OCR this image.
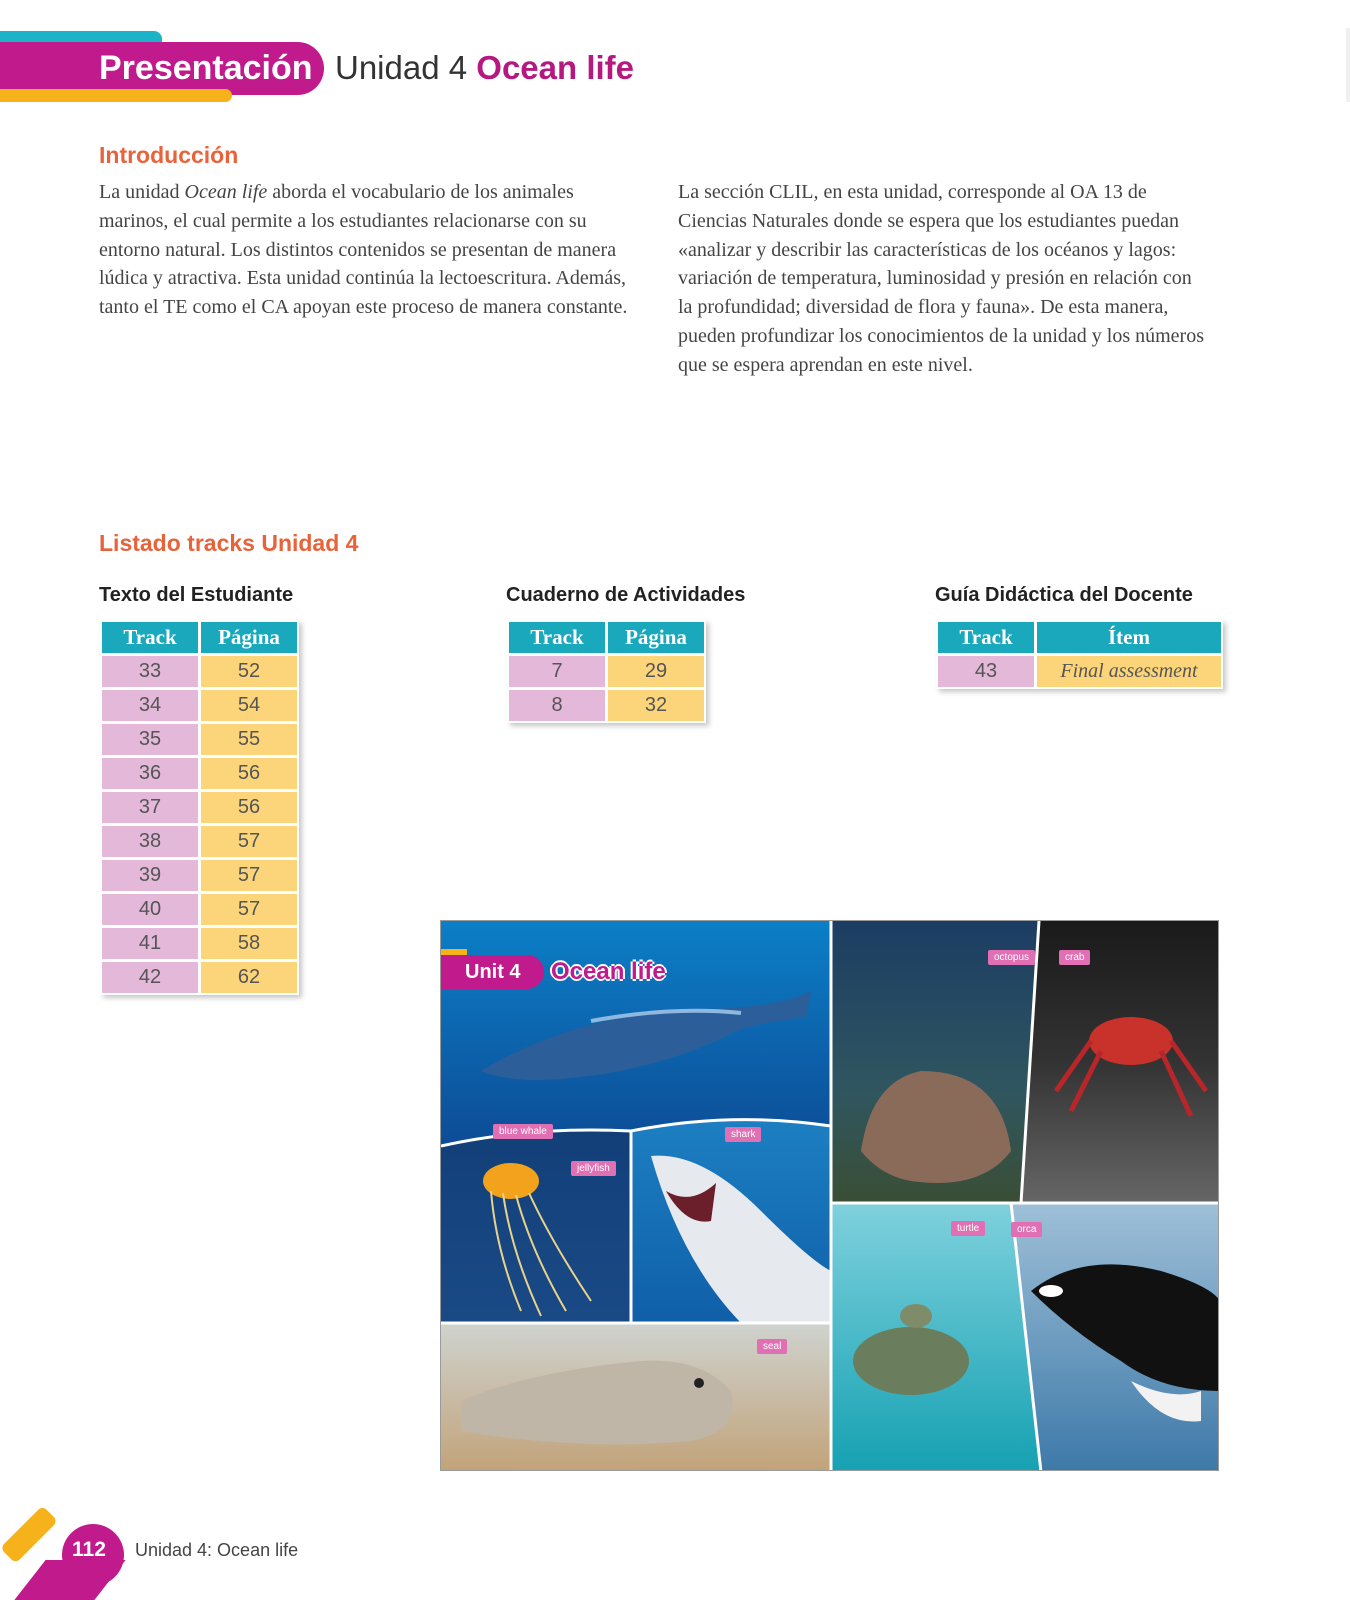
Presentación Unidad 4 Ocean life
Introducción
La unidad Ocean life aborda el vocabulario de los animales marinos, el cual permite a los estudiantes relacionarse con su entorno natural. Los distintos contenidos se presentan de manera lúdica y atractiva. Esta unidad continúa la lectoescritura. Además, tanto el TE como el CA apoyan este proceso de manera constante.
La sección CLIL, en esta unidad, corresponde al OA 13 de Ciencias Naturales donde se espera que los estudiantes puedan «analizar y describir las características de los océanos y lagos: variación de temperatura, luminosidad y presión en relación con la profundidad; diversidad de flora y fauna». De esta manera, pueden profundizar los conocimientos de la unidad y los números que se espera aprendan en este nivel.
Listado tracks Unidad 4
Texto del Estudiante
Track	Página
33	52
34	54
35	55
36	56
37	56
38	57
39	57
40	57
41	58
42	62
Cuaderno de Actividades
Track	Página
7	29
8	32
Guía Didáctica del Docente
Track	Ítem
43	Final assessment
Unit 4	Ocean life
blue whale
jellyfish
shark
seal
octopus	crab
turtle	orca
112 Unidad 4: Ocean life
